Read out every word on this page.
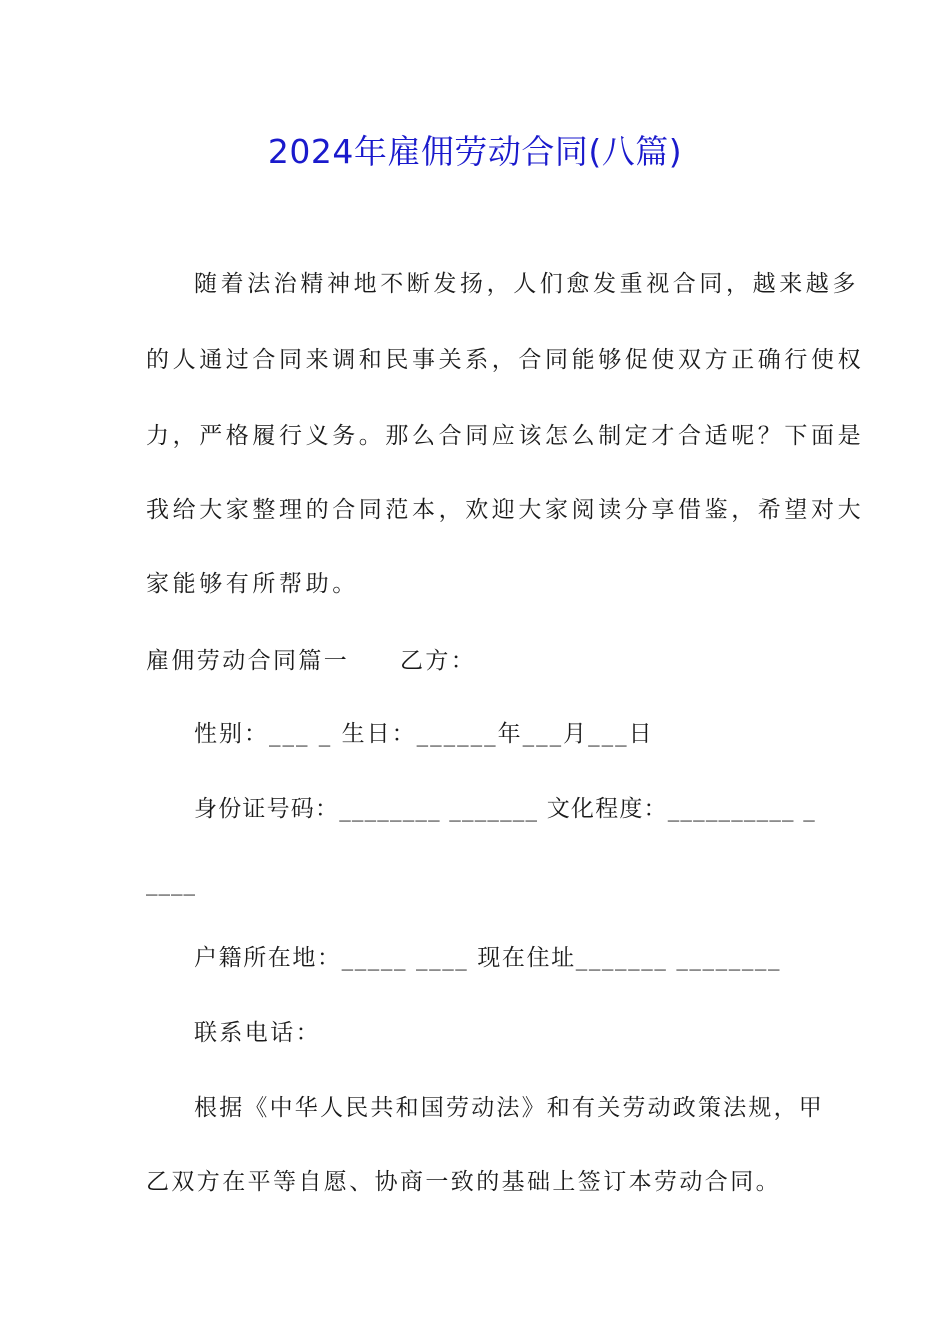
2024年雇佣劳动合同(八篇)
随着法治精神地不断发扬，人们愈发重视合同，越来越多
的人通过合同来调和民事关系，合同能够促使双方正确行使权
力，严格履行义务。那么合同应该怎么制定才合适呢？下面是
我给大家整理的合同范本，欢迎大家阅读分享借鉴，希望对大
家能够有所帮助。
雇佣劳动合同篇一　　乙方：
性别：___ _ 生日：______年___月___日
身份证号码：________ _______ 文化程度：__________ _
____
户籍所在地：_____ ____ 现在住址_______ ________
联系电话：
根据《中华人民共和国劳动法》和有关劳动政策法规，甲
乙双方在平等自愿、协商一致的基础上签订本劳动合同。
